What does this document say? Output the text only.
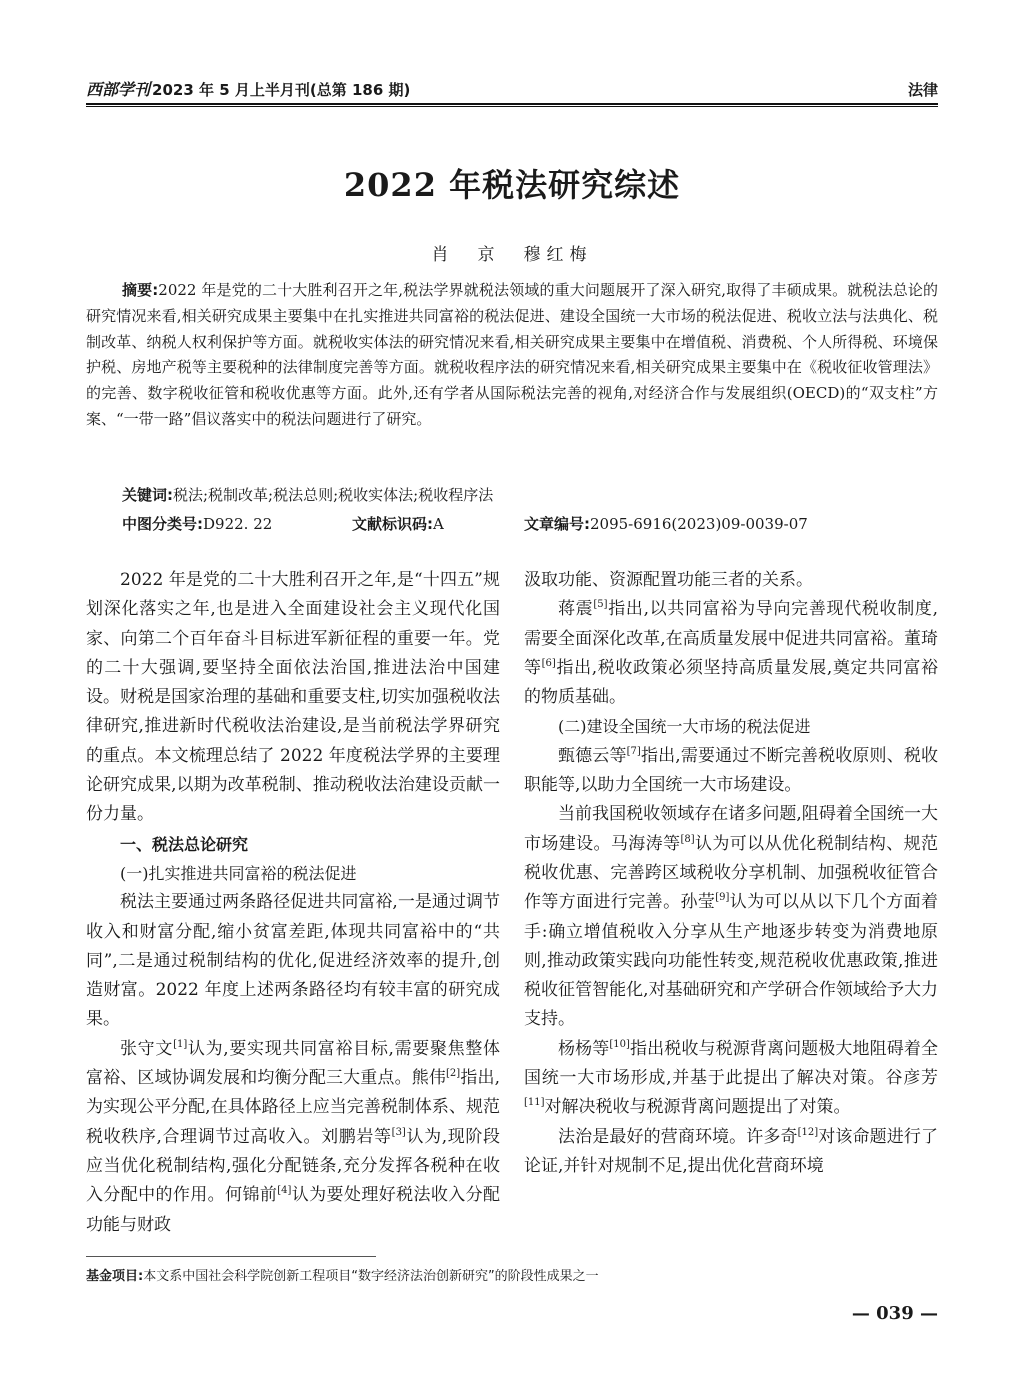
西部学刊 2023 年 5 月上半月刊(总第 186 期)	法律
2022 年税法研究综述
肖　京　穆红梅
摘要:2022 年是党的二十大胜利召开之年,税法学界就税法领域的重大问题展开了深入研究,取得了丰硕成果。就税法总论的研究情况来看,相关研究成果主要集中在扎实推进共同富裕的税法促进、建设全国统一大市场的税法促进、税收立法与法典化、税制改革、纳税人权利保护等方面。就税收实体法的研究情况来看,相关研究成果主要集中在增值税、消费税、个人所得税、环境保护税、房地产税等主要税种的法律制度完善等方面。就税收程序法的研究情况来看,相关研究成果主要集中在《税收征收管理法》的完善、数字税收征管和税收优惠等方面。此外,还有学者从国际税法完善的视角,对经济合作与发展组织(OECD)的“双支柱”方案、“一带一路”倡议落实中的税法问题进行了研究。
关键词:税法;税制改革;税法总则;税收实体法;税收程序法
中图分类号:D922. 22	文献标识码:A	文章编号:2095-6916(2023)09-0039-07

2022 年是党的二十大胜利召开之年,是“十四五”规划深化落实之年,也是进入全面建设社会主义现代化国家、向第二个百年奋斗目标进军新征程的重要一年。党的二十大强调,要坚持全面依法治国,推进法治中国建设。财税是国家治理的基础和重要支柱,切实加强税收法律研究,推进新时代税收法治建设,是当前税法学界研究的重点。本文梳理总结了 2022 年度税法学界的主要理论研究成果,以期为改革税制、推动税收法治建设贡献一份力量。

一、税法总论研究

(一)扎实推进共同富裕的税法促进

税法主要通过两条路径促进共同富裕,一是通过调节收入和财富分配,缩小贫富差距,体现共同富裕中的“共同”,二是通过税制结构的优化,促进经济效率的提升,创造财富。2022 年度上述两条路径均有较丰富的研究成果。

张守文[1]认为,要实现共同富裕目标,需要聚焦整体富裕、区域协调发展和均衡分配三大重点。熊伟[2]指出,为实现公平分配,在具体路径上应当完善税制体系、规范税收秩序,合理调节过高收入。刘鹏岩等[3]认为,现阶段应当优化税制结构,强化分配链条,充分发挥各税种在收入分配中的作用。何锦前[4]认为要处理好税法收入分配功能与财政

汲取功能、资源配置功能三者的关系。

蒋震[5]指出,以共同富裕为导向完善现代税收制度,需要全面深化改革,在高质量发展中促进共同富裕。董琦等[6]指出,税收政策必须坚持高质量发展,奠定共同富裕的物质基础。

(二)建设全国统一大市场的税法促进

甄德云等[7]指出,需要通过不断完善税收原则、税收职能等,以助力全国统一大市场建设。

当前我国税收领域存在诸多问题,阻碍着全国统一大市场建设。马海涛等[8]认为可以从优化税制结构、规范税收优惠、完善跨区域税收分享机制、加强税收征管合作等方面进行完善。孙莹[9]认为可以从以下几个方面着手:确立增值税收入分享从生产地逐步转变为消费地原则,推动政策实践向功能性转变,规范税收优惠政策,推进税收征管智能化,对基础研究和产学研合作领域给予大力支持。

杨杨等[10]指出税收与税源背离问题极大地阻碍着全国统一大市场形成,并基于此提出了解决对策。谷彦芳[11]对解决税收与税源背离问题提出了对策。

法治是最好的营商环境。许多奇[12]对该命题进行了论证,并针对规制不足,提出优化营商环境

基金项目:本文系中国社会科学院创新工程项目“数字经济法治创新研究”的阶段性成果之一
— 039 —
